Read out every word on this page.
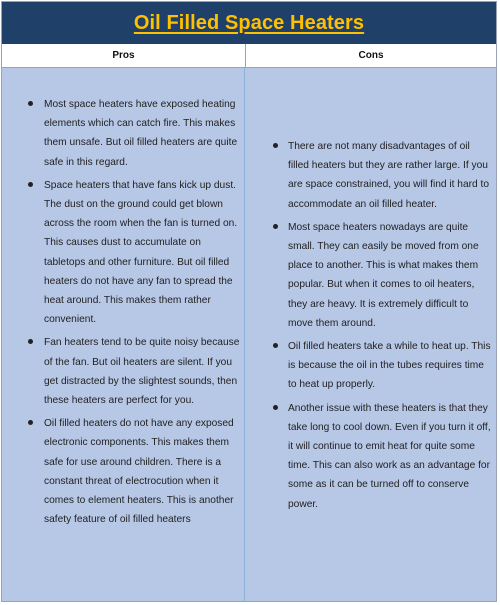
Oil Filled Space Heaters
Pros	Cons
Most space heaters have exposed heating elements which can catch fire. This makes them unsafe. But oil filled heaters are quite safe in this regard.
Space heaters that have fans kick up dust. The dust on the ground could get blown across the room when the fan is turned on. This causes dust to accumulate on tabletops and other furniture. But oil filled heaters do not have any fan to spread the heat around. This makes them rather convenient.
Fan heaters tend to be quite noisy because of the fan. But oil heaters are silent. If you get distracted by the slightest sounds, then these heaters are perfect for you.
Oil filled heaters do not have any exposed electronic components. This makes them safe for use around children. There is a constant threat of electrocution when it comes to element heaters. This is another safety feature of oil filled heaters
There are not many disadvantages of oil filled heaters but they are rather large. If you are space constrained, you will find it hard to accommodate an oil filled heater.
Most space heaters nowadays are quite small. They can easily be moved from one place to another. This is what makes them popular. But when it comes to oil heaters, they are heavy. It is extremely difficult to move them around.
Oil filled heaters take a while to heat up. This is because the oil in the tubes requires time to heat up properly.
Another issue with these heaters is that they take long to cool down. Even if you turn it off, it will continue to emit heat for quite some time. This can also work as an advantage for some as it can be turned off to conserve power.
